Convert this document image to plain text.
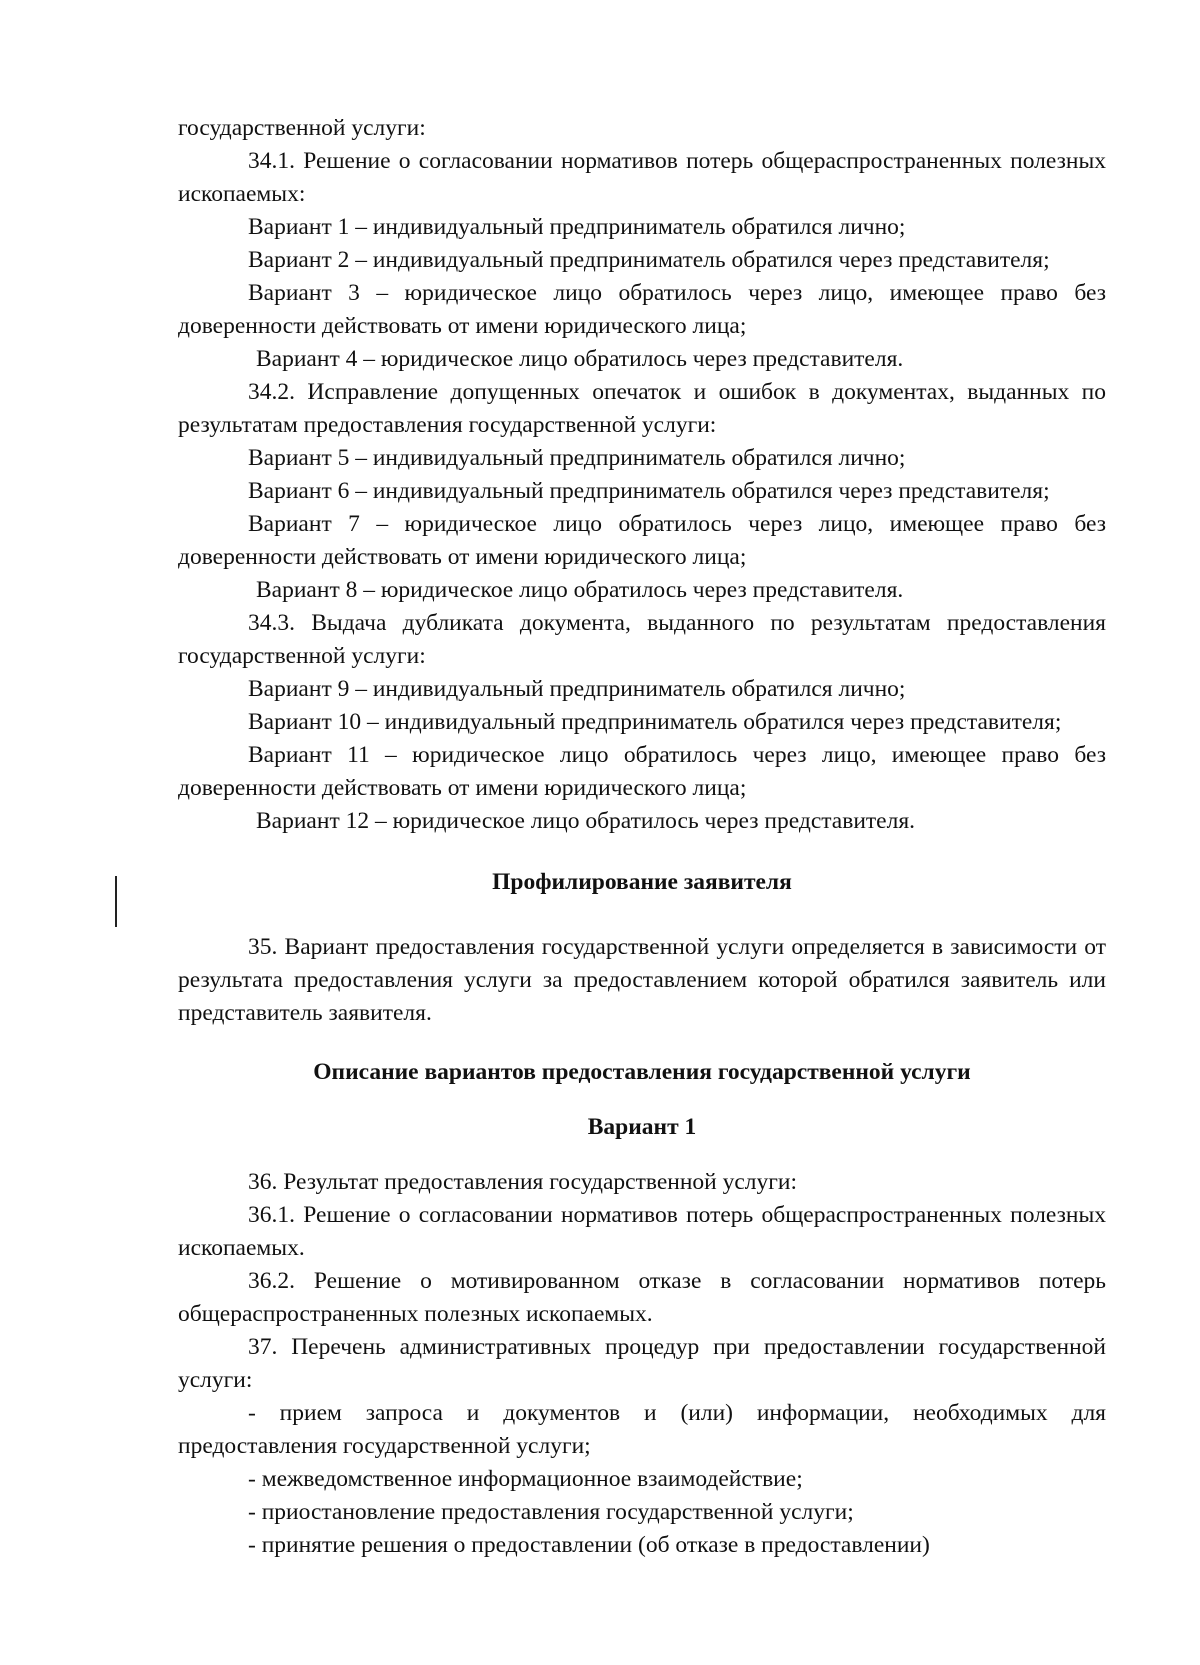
государственной услуги:

34.1. Решение о согласовании нормативов потерь общераспространенных полезных ископаемых:

Вариант 1 – индивидуальный предприниматель обратился лично;

Вариант 2 – индивидуальный предприниматель обратился через представителя;

Вариант 3 – юридическое лицо обратилось через лицо, имеющее право без доверенности действовать от имени юридического лица;

Вариант 4 – юридическое лицо обратилось через представителя.

34.2. Исправление допущенных опечаток и ошибок в документах, выданных по результатам предоставления государственной услуги:

Вариант 5 – индивидуальный предприниматель обратился лично;

Вариант 6 – индивидуальный предприниматель обратился через представителя;

Вариант 7 – юридическое лицо обратилось через лицо, имеющее право без доверенности действовать от имени юридического лица;

Вариант 8 – юридическое лицо обратилось через представителя.

34.3. Выдача дубликата документа, выданного по результатам предоставления государственной услуги:

Вариант 9 – индивидуальный предприниматель обратился лично;

Вариант 10 – индивидуальный предприниматель обратился через представителя;

Вариант 11 – юридическое лицо обратилось через лицо, имеющее право без доверенности действовать от имени юридического лица;

Вариант 12 – юридическое лицо обратилось через представителя.

Профилирование заявителя

35. Вариант предоставления государственной услуги определяется в зависимости от результата предоставления услуги за предоставлением которой обратился заявитель или представитель заявителя.

Описание вариантов предоставления государственной услуги

Вариант 1

36. Результат предоставления государственной услуги:

36.1. Решение о согласовании нормативов потерь общераспространенных полезных ископаемых.

36.2. Решение о мотивированном отказе в согласовании нормативов потерь общераспространенных полезных ископаемых.

37. Перечень административных процедур при предоставлении государственной услуги:

- прием запроса и документов и (или) информации, необходимых для предоставления государственной услуги;

- межведомственное информационное взаимодействие;

- приостановление предоставления государственной услуги;

- принятие решения о предоставлении (об отказе в предоставлении)
